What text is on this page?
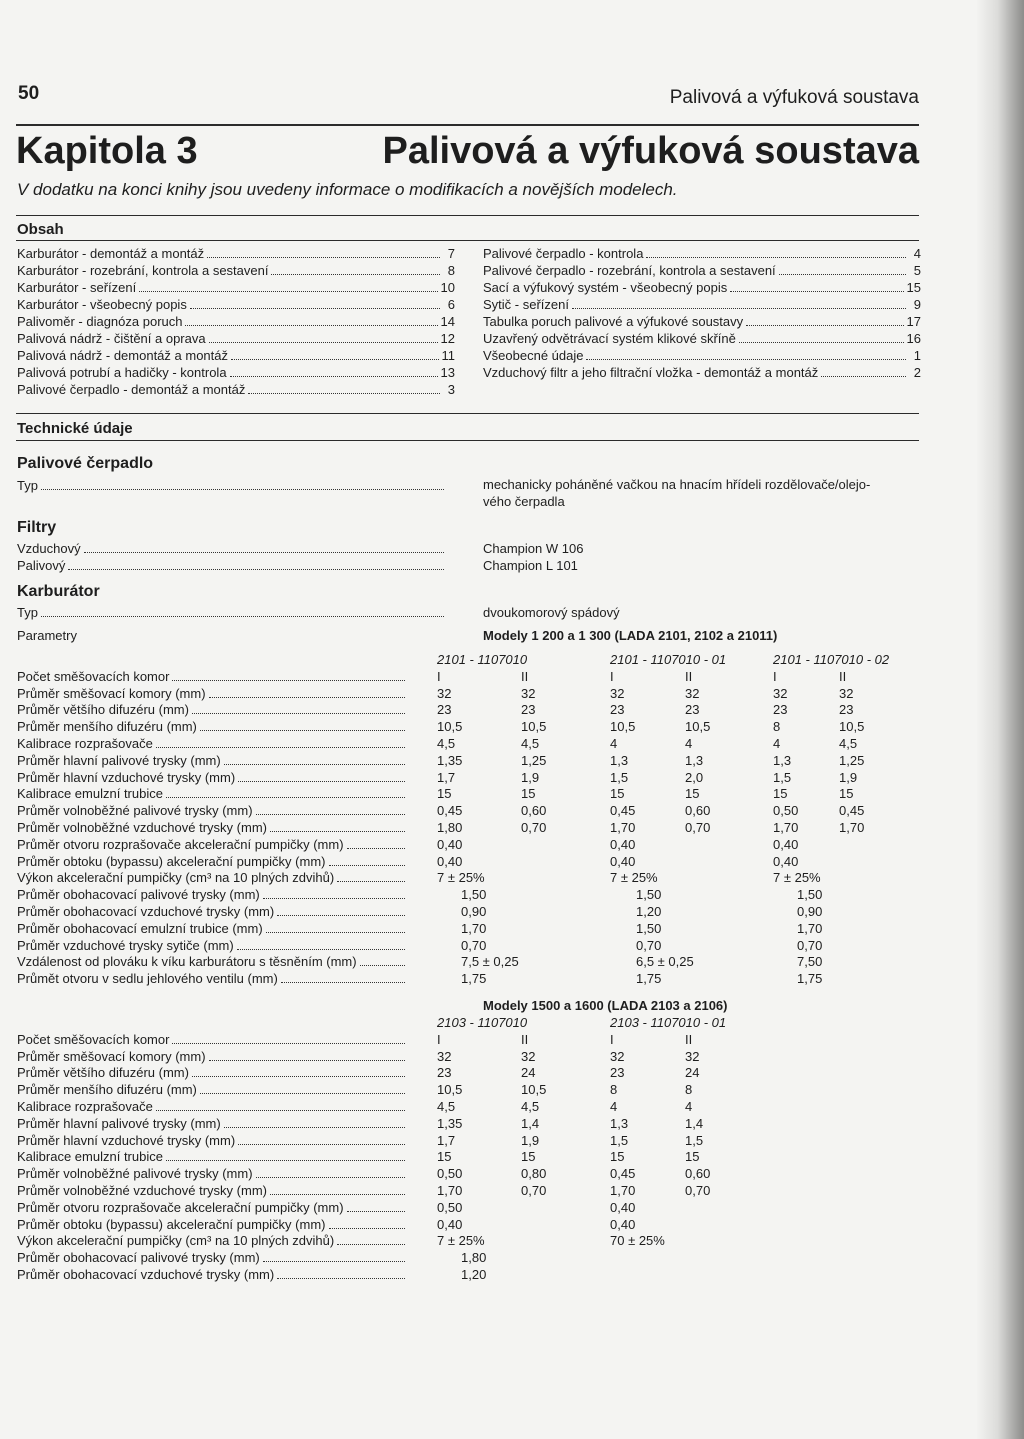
50	Palivová a výfuková soustava
Kapitola 3	Palivová a výfuková soustava
V dodatku na konci knihy jsou uvedeny informace o modifikacích a novějších modelech.
Obsah
Karburátor - demontáž a montáž	7
Karburátor - rozebrání, kontrola a sestavení	8
Karburátor - seřízení	10
Karburátor - všeobecný popis	6
Palivoměr - diagnóza poruch	14
Palivová nádrž - čištění a oprava	12
Palivová nádrž - demontáž a montáž	11
Palivová potrubí a hadičky - kontrola	13
Palivové čerpadlo - demontáž a montáž	3
Palivové čerpadlo - kontrola	4
Palivové čerpadlo - rozebrání, kontrola a sestavení	5
Sací a výfukový systém - všeobecný popis	15
Sytič - seřízení	9
Tabulka poruch palivové a výfukové soustavy	17
Uzavřený odvětrávací systém klikové skříně	16
Všeobecné údaje	1
Vzduchový filtr a jeho filtrační vložka - demontáž a montáž	2
Technické údaje
Palivové čerpadlo
Typ	mechanicky poháněné vačkou na hnacím hřídeli rozdělovače/olejo-
vého čerpadla
Filtry
Vzduchový	Champion W 106
Palivový	Champion L 101
Karburátor
Typ	dvoukomorový spádový
Parametry	Modely 1 200 a 1 300 (LADA 2101, 2102 a 21011)
2101 - 1107010	2101 - 1107010 - 01	2101 - 1107010 - 02
Počet směšovacích komor	I	II	I	II	I	II
Průměr směšovací komory (mm)	32	32	32	32	32	32
Průměr většího difuzéru (mm)	23	23	23	23	23	23
Průměr menšího difuzéru (mm)	10,5	10,5	10,5	10,5	8	10,5
Kalibrace rozprašovače	4,5	4,5	4	4	4	4,5
Průměr hlavní palivové trysky (mm)	1,35	1,25	1,3	1,3	1,3	1,25
Průměr hlavní vzduchové trysky (mm)	1,7	1,9	1,5	2,0	1,5	1,9
Kalibrace emulzní trubice	15	15	15	15	15	15
Průměr volnoběžné palivové trysky (mm)	0,45	0,60	0,45	0,60	0,50	0,45
Průměr volnoběžné vzduchové trysky (mm)	1,80	0,70	1,70	0,70	1,70	1,70
Průměr otvoru rozprašovače akcelerační pumpičky (mm)	0,40	0,40	0,40
Průměr obtoku (bypassu) akcelerační pumpičky (mm)	0,40	0,40	0,40
Výkon akcelerační pumpičky (cm³ na 10 plných zdvihů)	7 ± 25%	7 ± 25%	7 ± 25%
Průměr obohacovací palivové trysky (mm)	1,50	1,50	1,50
Průměr obohacovací vzduchové trysky (mm)	0,90	1,20	0,90
Průměr obohacovací emulzní trubice (mm)	1,70	1,50	1,70
Průměr vzduchové trysky sytiče (mm)	0,70	0,70	0,70
Vzdálenost od plováku k víku karburátoru s těsněním (mm)	7,5 ± 0,25	6,5 ± 0,25	7,50
Průmět otvoru v sedlu jehlového ventilu (mm)	1,75	1,75	1,75
Modely 1500 a 1600 (LADA 2103 a 2106)
2103 - 1107010	2103 - 1107010 - 01
Počet směšovacích komor	I	II	I	II
Průměr směšovací komory (mm)	32	32	32	32
Průměr většího difuzéru (mm)	23	24	23	24
Průměr menšího difuzéru (mm)	10,5	10,5	8	8
Kalibrace rozprašovače	4,5	4,5	4	4
Průměr hlavní palivové trysky (mm)	1,35	1,4	1,3	1,4
Průměr hlavní vzduchové trysky (mm)	1,7	1,9	1,5	1,5
Kalibrace emulzní trubice	15	15	15	15
Průměr volnoběžné palivové trysky (mm)	0,50	0,80	0,45	0,60
Průměr volnoběžné vzduchové trysky (mm)	1,70	0,70	1,70	0,70
Průměr otvoru rozprašovače akcelerační pumpičky (mm)	0,50	0,40
Průměr obtoku (bypassu) akcelerační pumpičky (mm)	0,40	0,40
Výkon akcelerační pumpičky (cm³ na 10 plných zdvihů)	7 ± 25%	70 ± 25%
Průměr obohacovací palivové trysky (mm)	1,80
Průměr obohacovací vzduchové trysky (mm)	1,20
